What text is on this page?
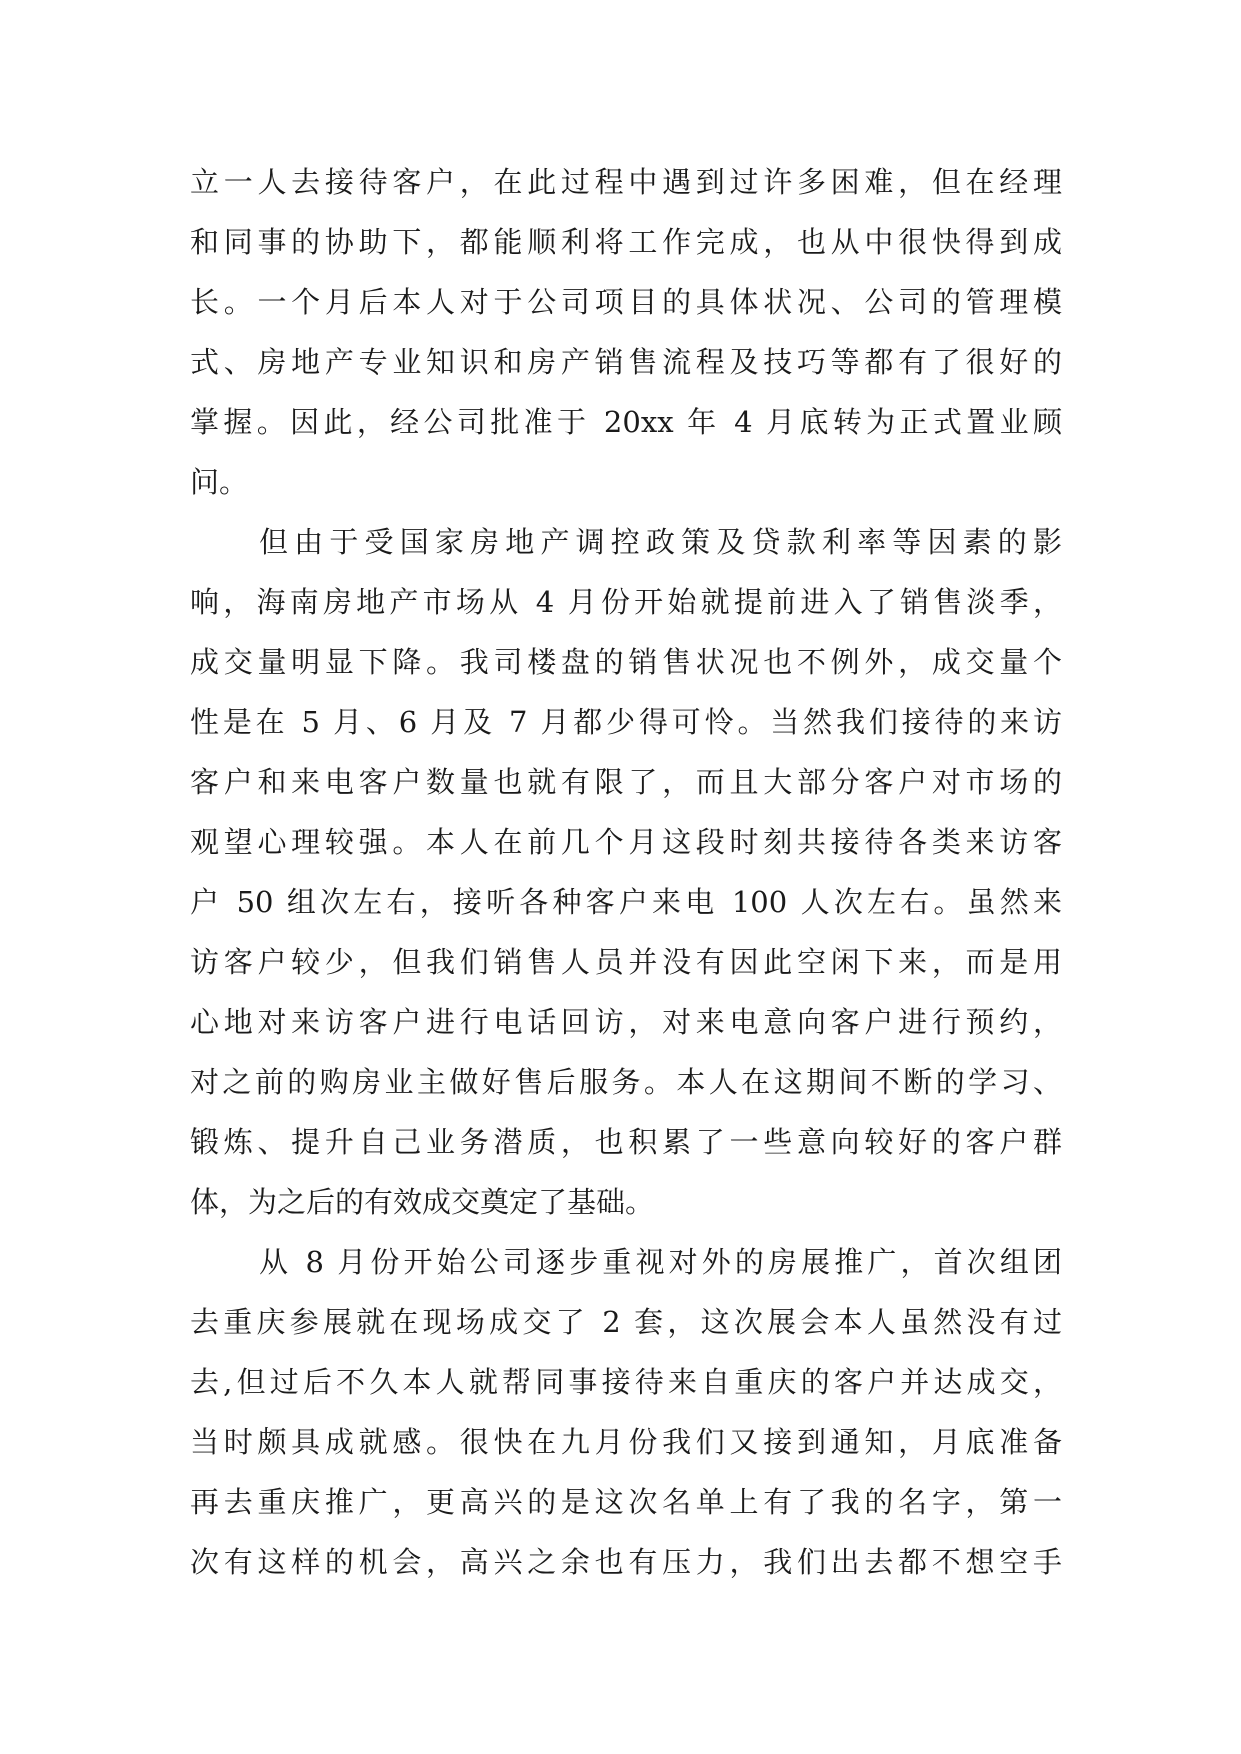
立一人去接待客户，在此过程中遇到过许多困难，但在经理
和同事的协助下，都能顺利将工作完成，也从中很快得到成
长。一个月后本人对于公司项目的具体状况、公司的管理模
式、房地产专业知识和房产销售流程及技巧等都有了很好的
掌握。因此，经公司批准于 20xx 年 4 月底转为正式置业顾
问。
但由于受国家房地产调控政策及贷款利率等因素的影
响，海南房地产市场从 4 月份开始就提前进入了销售淡季，
成交量明显下降。我司楼盘的销售状况也不例外，成交量个
性是在 5 月、6 月及 7 月都少得可怜。当然我们接待的来访
客户和来电客户数量也就有限了，而且大部分客户对市场的
观望心理较强。本人在前几个月这段时刻共接待各类来访客
户 50 组次左右，接听各种客户来电 100 人次左右。虽然来
访客户较少，但我们销售人员并没有因此空闲下来，而是用
心地对来访客户进行电话回访，对来电意向客户进行预约，
对之前的购房业主做好售后服务。本人在这期间不断的学习、
锻炼、提升自己业务潜质，也积累了一些意向较好的客户群
体，为之后的有效成交奠定了基础。
从 8 月份开始公司逐步重视对外的房展推广，首次组团
去重庆参展就在现场成交了 2 套，这次展会本人虽然没有过
去,但过后不久本人就帮同事接待来自重庆的客户并达成交，
当时颇具成就感。很快在九月份我们又接到通知，月底准备
再去重庆推广，更高兴的是这次名单上有了我的名字，第一
次有这样的机会，高兴之余也有压力，我们出去都不想空手
